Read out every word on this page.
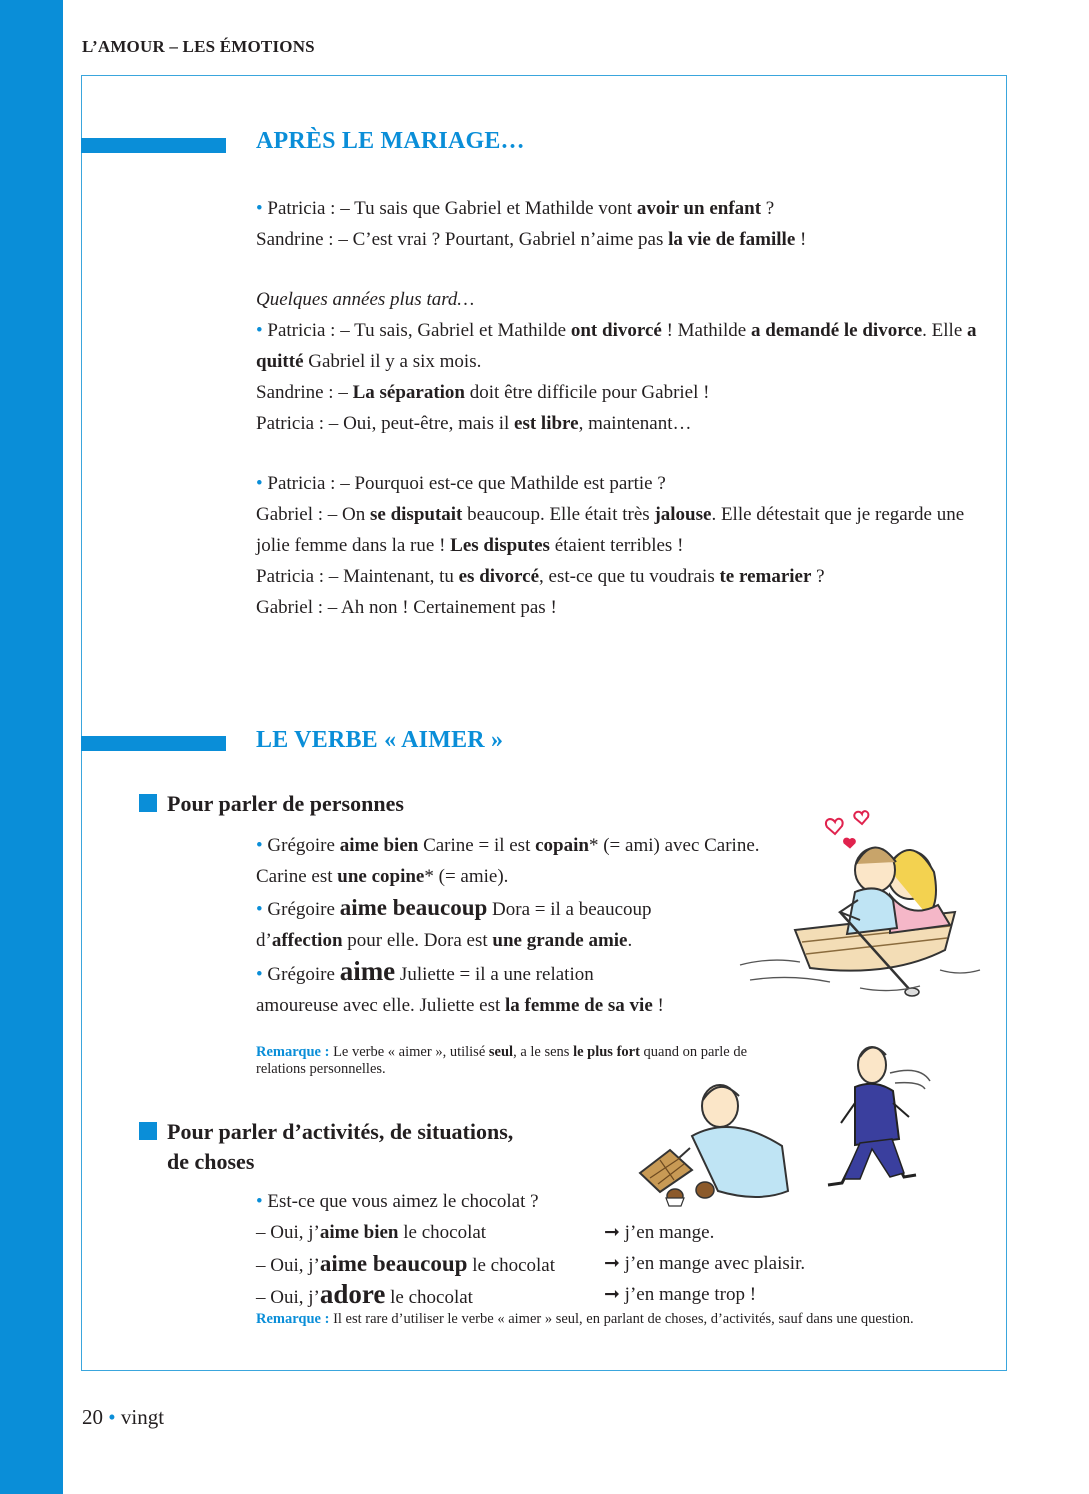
L’AMOUR – LES ÉMOTIONS
APRÈS LE MARIAGE…

• Patricia : – Tu sais que Gabriel et Mathilde vont avoir un enfant ?

Sandrine : – C’est vrai ? Pourtant, Gabriel n’aime pas la vie de famille !

Quelques années plus tard…

• Patricia : – Tu sais, Gabriel et Mathilde ont divorcé ! Mathilde a demandé le divorce. Elle a quitté Gabriel il y a six mois.

Sandrine : – La séparation doit être difficile pour Gabriel !

Patricia : – Oui, peut-être, mais il est libre, maintenant…

• Patricia : – Pourquoi est-ce que Mathilde est partie ?

Gabriel : – On se disputait beaucoup. Elle était très jalouse. Elle détestait que je regarde une jolie femme dans la rue ! Les disputes étaient terribles !

Patricia : – Maintenant, tu es divorcé, est-ce que tu voudrais te remarier ?

Gabriel : – Ah non ! Certainement pas !

LE VERBE « AIMER »
Pour parler de personnes

• Grégoire aime bien Carine = il est copain* (= ami) avec Carine.

Carine est une copine* (= amie).

• Grégoire aime beaucoup Dora = il a beaucoup

d’affection pour elle. Dora est une grande amie.

• Grégoire aime Juliette = il a une relation

amoureuse avec elle. Juliette est la femme de sa vie !

Remarque : Le verbe « aimer », utilisé seul, a le sens le plus fort quand on parle de relations personnelles.
Pour parler d’activités, de situations,
de choses

• Est-ce que vous aimez le chocolat ?

– Oui, j’aime bien le chocolat	➞ j’en mange.
– Oui, j’aime beaucoup le chocolat	➞ j’en mange avec plaisir.
– Oui, j’adore le chocolat	➞ j’en mange trop !
Remarque : Il est rare d’utiliser le verbe « aimer » seul, en parlant de choses, d’activités, sauf dans une question.
20 • vingt
